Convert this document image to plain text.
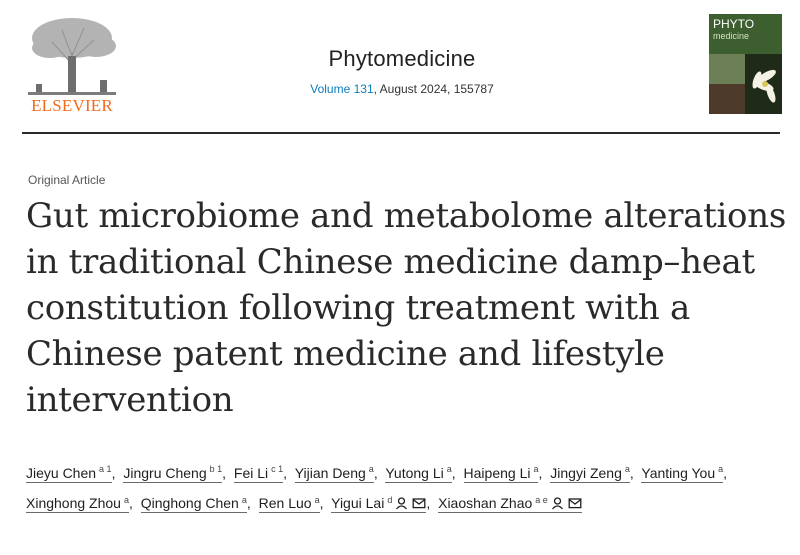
ELSEVIER
Phytomedicine
Volume 131, August 2024, 155787
PHYTO
medicine
Original Article
Gut microbiome and metabolome alterations in traditional Chinese medicine damp–heat constitution following treatment with a Chinese patent medicine and lifestyle intervention
Jieyu Chen $^{a 1}$, Jingru Cheng $^{b 1}$, Fei Li $^{c 1}$, Yijian Deng $^a$, Yutong Li $^a$, Haipeng Li $^a$, Jingyi Zeng $^a$, Yanting You $^a$, Xinghong Zhou $^a$, Qinghong Chen $^a$, Ren Luo $^a$, Yigui Lai $^d$ , Xiaoshan Zhao $^{a e}$
